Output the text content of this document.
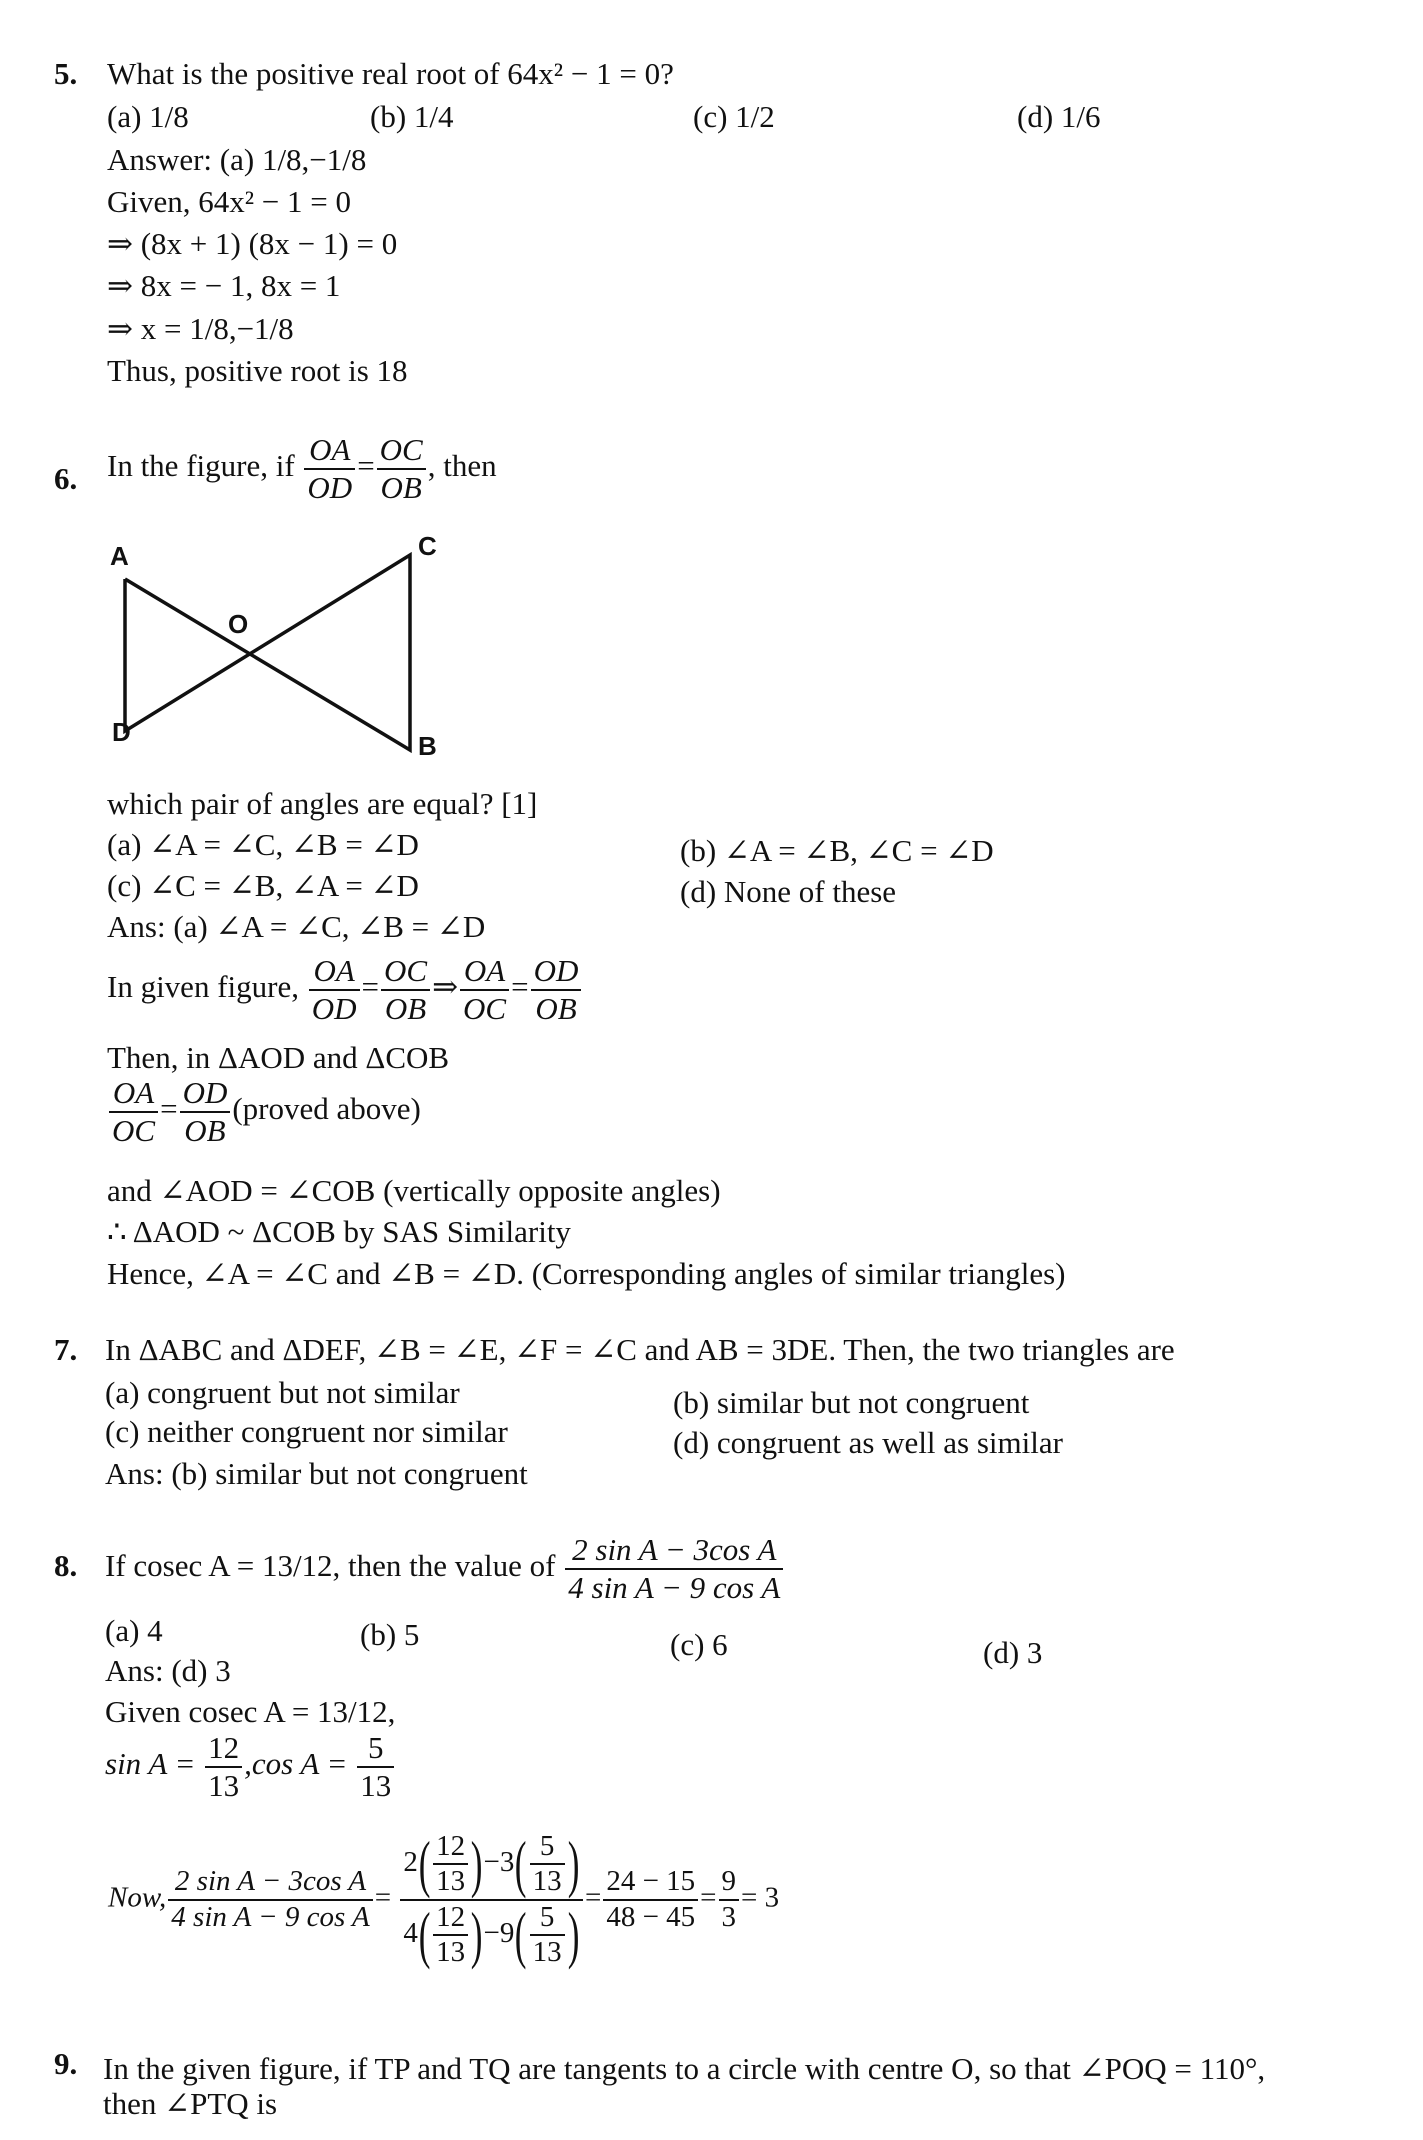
5. What is the positive real root of 64x² − 1 = 0?
(a) 1/8	(b) 1/4	(c) 1/2	(d) 1/6
Answer: (a) 1/8,−1/8
Given, 64x² − 1 = 0
⇒ (8x + 1) (8x − 1) = 0
⇒ 8x = − 1, 8x = 1
⇒ x = 1/8,−1/8
Thus, positive root is 18
6. In the figure, if $\frac{OA}{OD} = \frac{OC}{OB}$ , then
A	C
O
D	B
which pair of angles are equal? [1]
(a) ∠A = ∠C, ∠B = ∠D	(b) ∠A = ∠B, ∠C = ∠D
(c) ∠C = ∠B, ∠A = ∠D	(d) None of these
Ans: (a) ∠A = ∠C, ∠B = ∠D
In given figure, $\frac{OA}{OD} = \frac{OC}{OB}$ ⇒ $\frac{OA}{OC} = \frac{OD}{OB}$
Then, in ΔAOD and ΔCOB
$\frac{OA}{OC} = \frac{OD}{OB}$ (proved above)
and ∠AOD = ∠COB (vertically opposite angles)
∴ ΔAOD ~ ΔCOB by SAS Similarity
Hence, ∠A = ∠C and ∠B = ∠D. (Corresponding angles of similar triangles)
7. In ΔABC and ΔDEF, ∠B = ∠E, ∠F = ∠C and AB = 3DE. Then, the two triangles are
(a) congruent but not similar	(b) similar but not congruent
(c) neither congruent nor similar	(d) congruent as well as similar
Ans: (b) similar but not congruent
8. If cosec A = 13/12, then the value of $\frac{\text{2 sin A − 3cos A}}{\text{4 sin A − 9 cos A}}$
(a) 4	(b) 5	(c) 6	(d) 3
Ans: (d) 3
Given cosec A = 13/12,
$\sin A = \frac{12}{13} ,\cos$ $A = \frac{5}{13}$
Now, $\frac{\text{2 sin A − 3cos A}}{\text{4 sin A − 9 cos A}} = \frac{2( \frac{12}{13} )-3( \frac{5}{13} )}{4( \frac{12}{13} )-9( \frac{5}{13} )} = \frac{24 - 15}{48 - 45} = \frac{9}{3} = 3$
9. In the given figure, if TP and TQ are tangents to a circle with centre O, so that ∠POQ = 110°,
then ∠PTQ is
